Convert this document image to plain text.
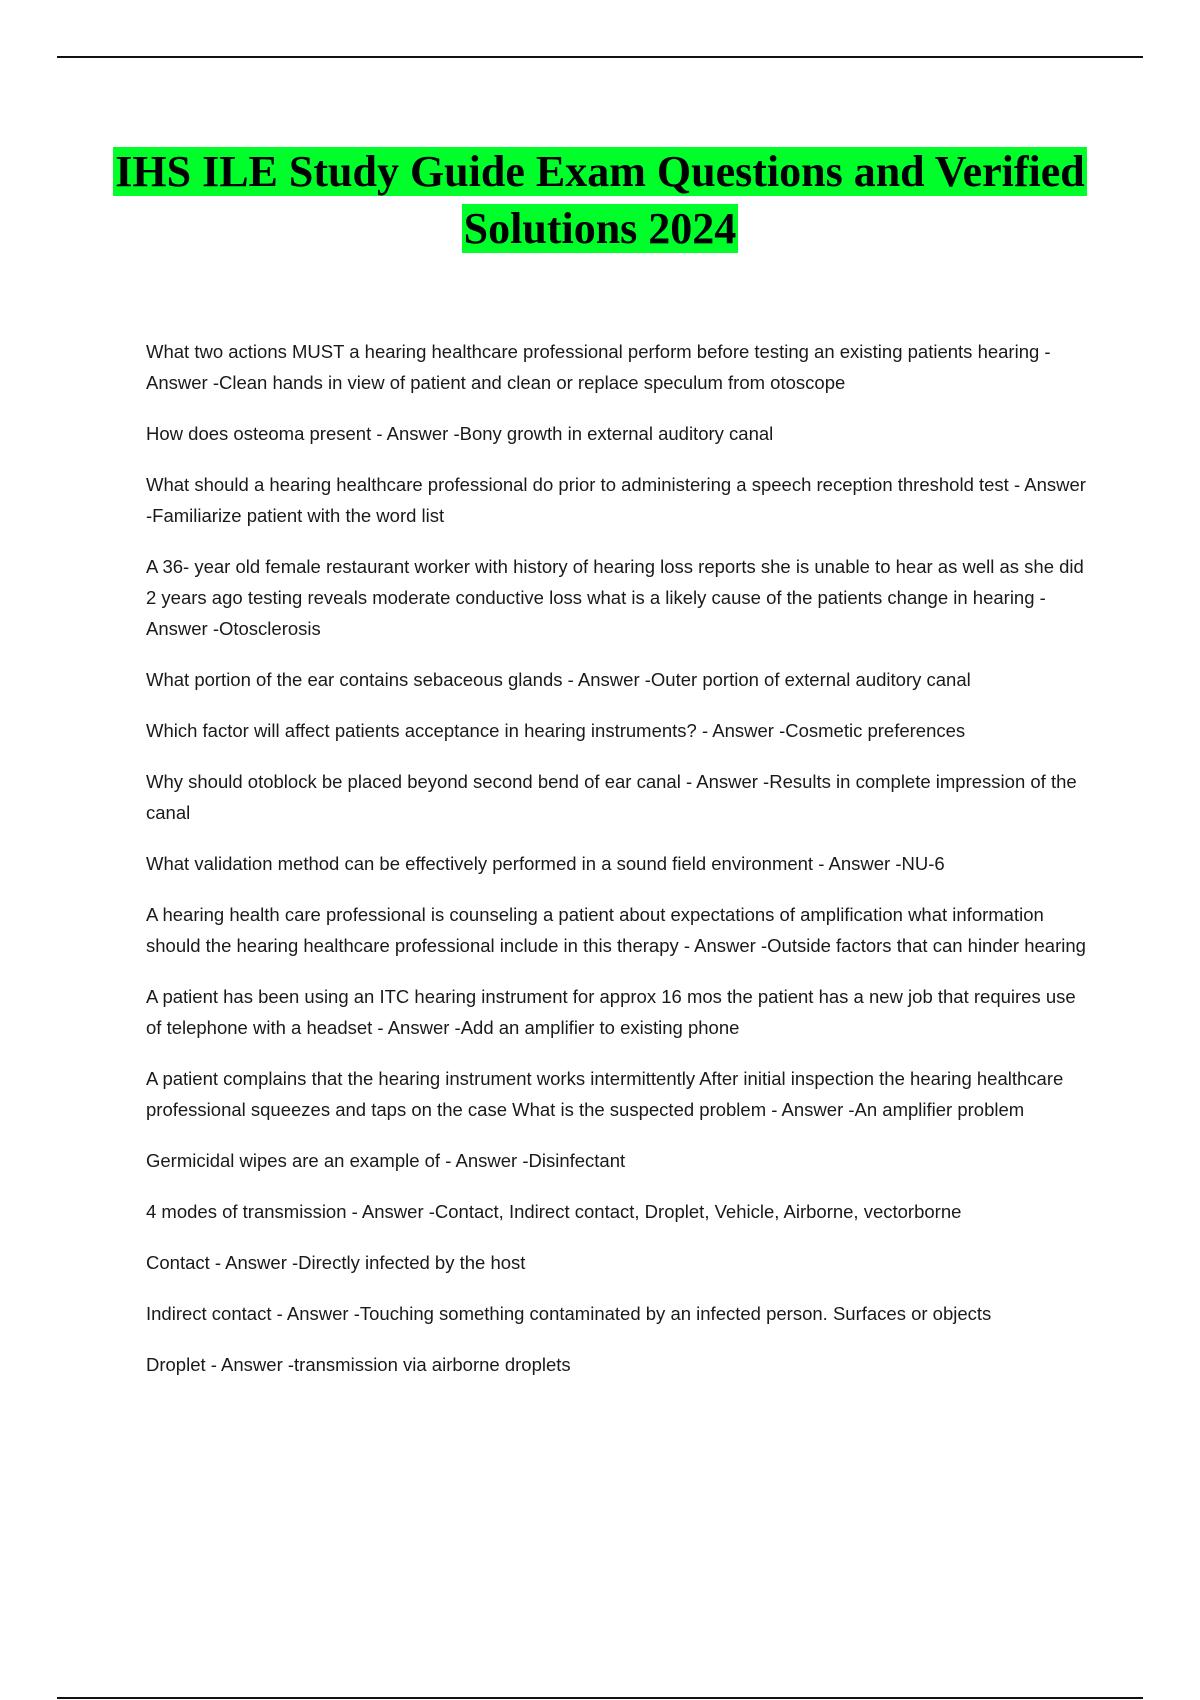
IHS ILE Study Guide Exam Questions and Verified Solutions 2024
What two actions MUST a hearing healthcare professional perform before testing an existing patients hearing - Answer -Clean hands in view of patient and clean or replace speculum from otoscope
How does osteoma present - Answer -Bony growth in external auditory canal
What should a hearing healthcare professional do prior to administering a speech reception threshold test - Answer -Familiarize patient with the word list
A 36- year old female restaurant worker with history of hearing loss reports she is unable to hear as well as she did 2 years ago testing reveals moderate conductive loss what is a likely cause of the patients change in hearing - Answer -Otosclerosis
What portion of the ear contains sebaceous glands - Answer -Outer portion of external auditory canal
Which factor will affect patients acceptance in hearing instruments? - Answer -Cosmetic preferences
Why should otoblock be placed beyond second bend of ear canal - Answer -Results in complete impression of the canal
What validation method can be effectively performed in a sound field environment - Answer -NU-6
A hearing health care professional is counseling a patient about expectations of amplification what information should the hearing healthcare professional include in this therapy - Answer -Outside factors that can hinder hearing
A patient has been using an ITC hearing instrument for approx 16 mos the patient has a new job that requires use of telephone with a headset - Answer -Add an amplifier to existing phone
A patient complains that the hearing instrument works intermittently After initial inspection the hearing healthcare professional squeezes and taps on the case What is the suspected problem - Answer -An amplifier problem
Germicidal wipes are an example of - Answer -Disinfectant
4 modes of transmission - Answer -Contact, Indirect contact, Droplet, Vehicle, Airborne, vectorborne
Contact - Answer -Directly infected by the host
Indirect contact - Answer -Touching something contaminated by an infected person. Surfaces or objects
Droplet - Answer -transmission via airborne droplets
